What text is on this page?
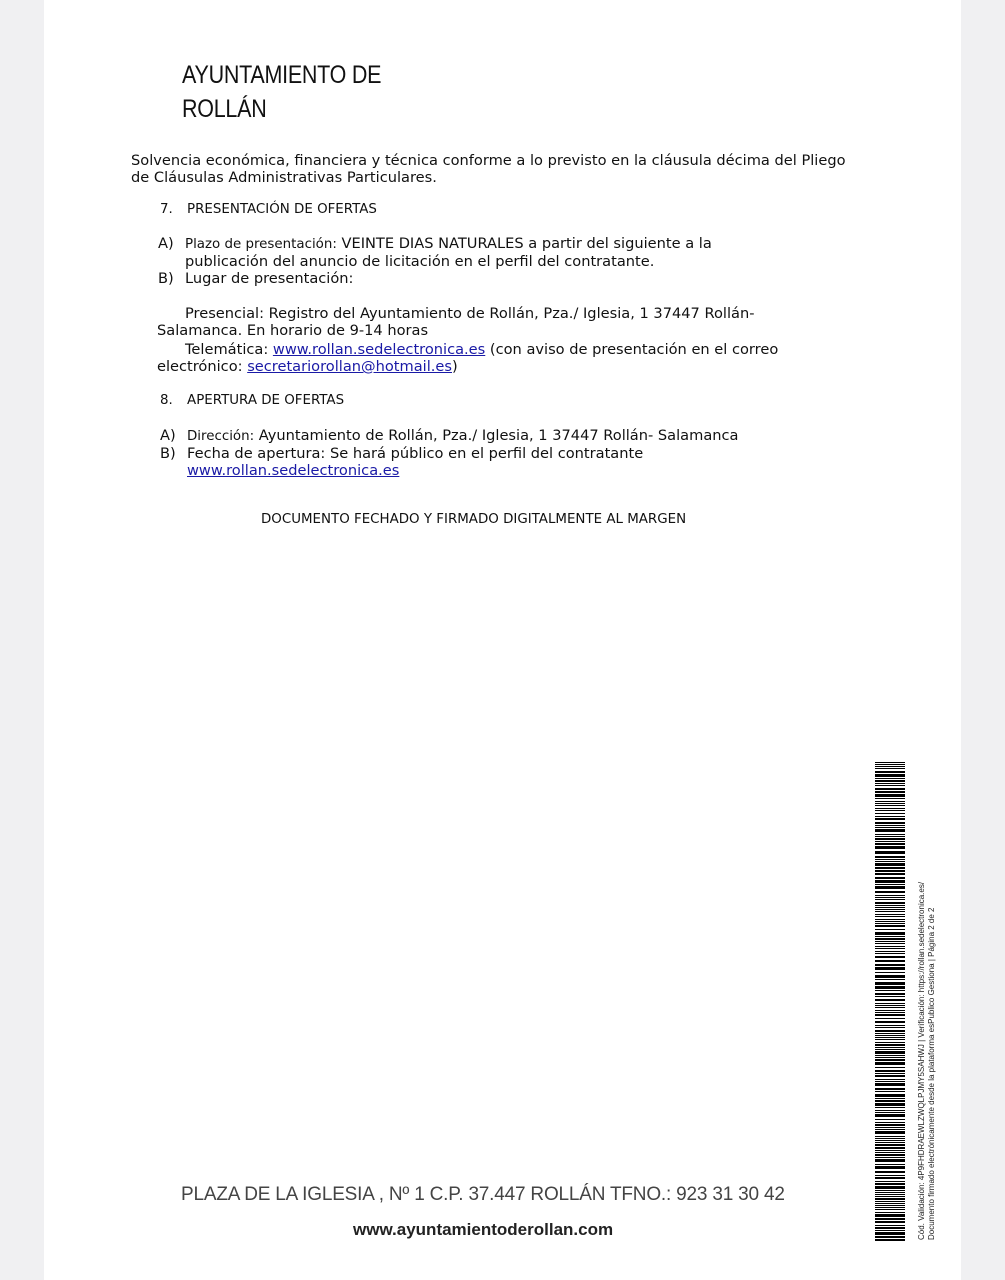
AYUNTAMIENTO DE
ROLLÁN
Solvencia económica, financiera y técnica conforme a lo previsto en la cláusula décima del Pliego
de Cláusulas Administrativas Particulares.
7. PRESENTACIÓN DE OFERTAS
A) Plazo de presentación: VEINTE DIAS NATURALES a partir del siguiente a la
publicación del anuncio de licitación en el perfil del contratante.
B) Lugar de presentación:
Presencial: Registro del Ayuntamiento de Rollán, Pza./ Iglesia, 1 37447 Rollán-
Salamanca. En horario de 9-14 horas
Telemática: www.rollan.sedelectronica.es (con aviso de presentación en el correo
electrónico: secretariorollan@hotmail.es)
8. APERTURA DE OFERTAS
A) Dirección: Ayuntamiento de Rollán, Pza./ Iglesia, 1 37447 Rollán- Salamanca
B) Fecha de apertura: Se hará público en el perfil del contratante
www.rollan.sedelectronica.es
DOCUMENTO FECHADO Y FIRMADO DIGITALMENTE AL MARGEN
Cód. Validación: 4P9FHDRAEWLZWQLPJMY5SAHWJ | Verificación: https://rollan.sedelectronica.es/ Documento firmado electrónicamente desde la plataforma esPublico Gestiona | Página 2 de 2
PLAZA DE LA IGLESIA , Nº 1 C.P. 37.447 ROLLÁN TFNO.: 923 31 30 42
www.ayuntamientoderollan.com
